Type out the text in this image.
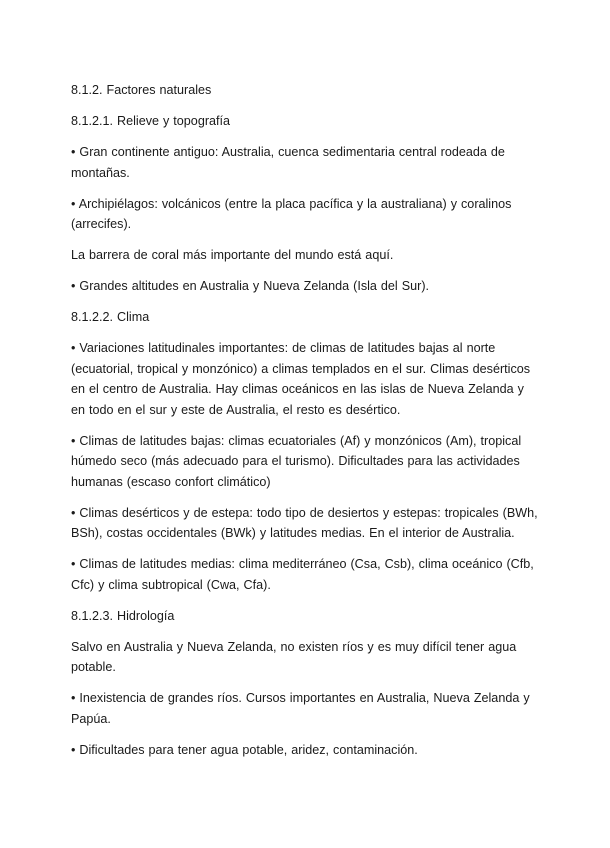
8.1.2. Factores naturales

8.1.2.1. Relieve y topografía

• Gran continente antiguo: Australia, cuenca sedimentaria central rodeada de montañas.

• Archipiélagos: volcánicos (entre la placa pacífica y la australiana) y coralinos (arrecifes).

La barrera de coral más importante del mundo está aquí.

• Grandes altitudes en Australia y Nueva Zelanda (Isla del Sur).

8.1.2.2. Clima

• Variaciones latitudinales importantes: de climas de latitudes bajas al norte (ecuatorial, tropical y monzónico) a climas templados en el sur. Climas desérticos en el centro de Australia. Hay climas oceánicos en las islas de Nueva Zelanda y en todo en el sur y este de Australia, el resto es desértico.

• Climas de latitudes bajas: climas ecuatoriales (Af) y monzónicos (Am), tropical húmedo seco (más adecuado para el turismo). Dificultades para las actividades humanas (escaso confort climático)

• Climas desérticos y de estepa: todo tipo de desiertos y estepas: tropicales (BWh, BSh), costas occidentales (BWk) y latitudes medias. En el interior de Australia.

• Climas de latitudes medias: clima mediterráneo (Csa, Csb), clima oceánico (Cfb, Cfc) y clima subtropical (Cwa, Cfa).

8.1.2.3. Hidrología

Salvo en Australia y Nueva Zelanda, no existen ríos y es muy difícil tener agua potable.

• Inexistencia de grandes ríos. Cursos importantes en Australia, Nueva Zelanda y Papúa.

• Dificultades para tener agua potable, aridez, contaminación.
